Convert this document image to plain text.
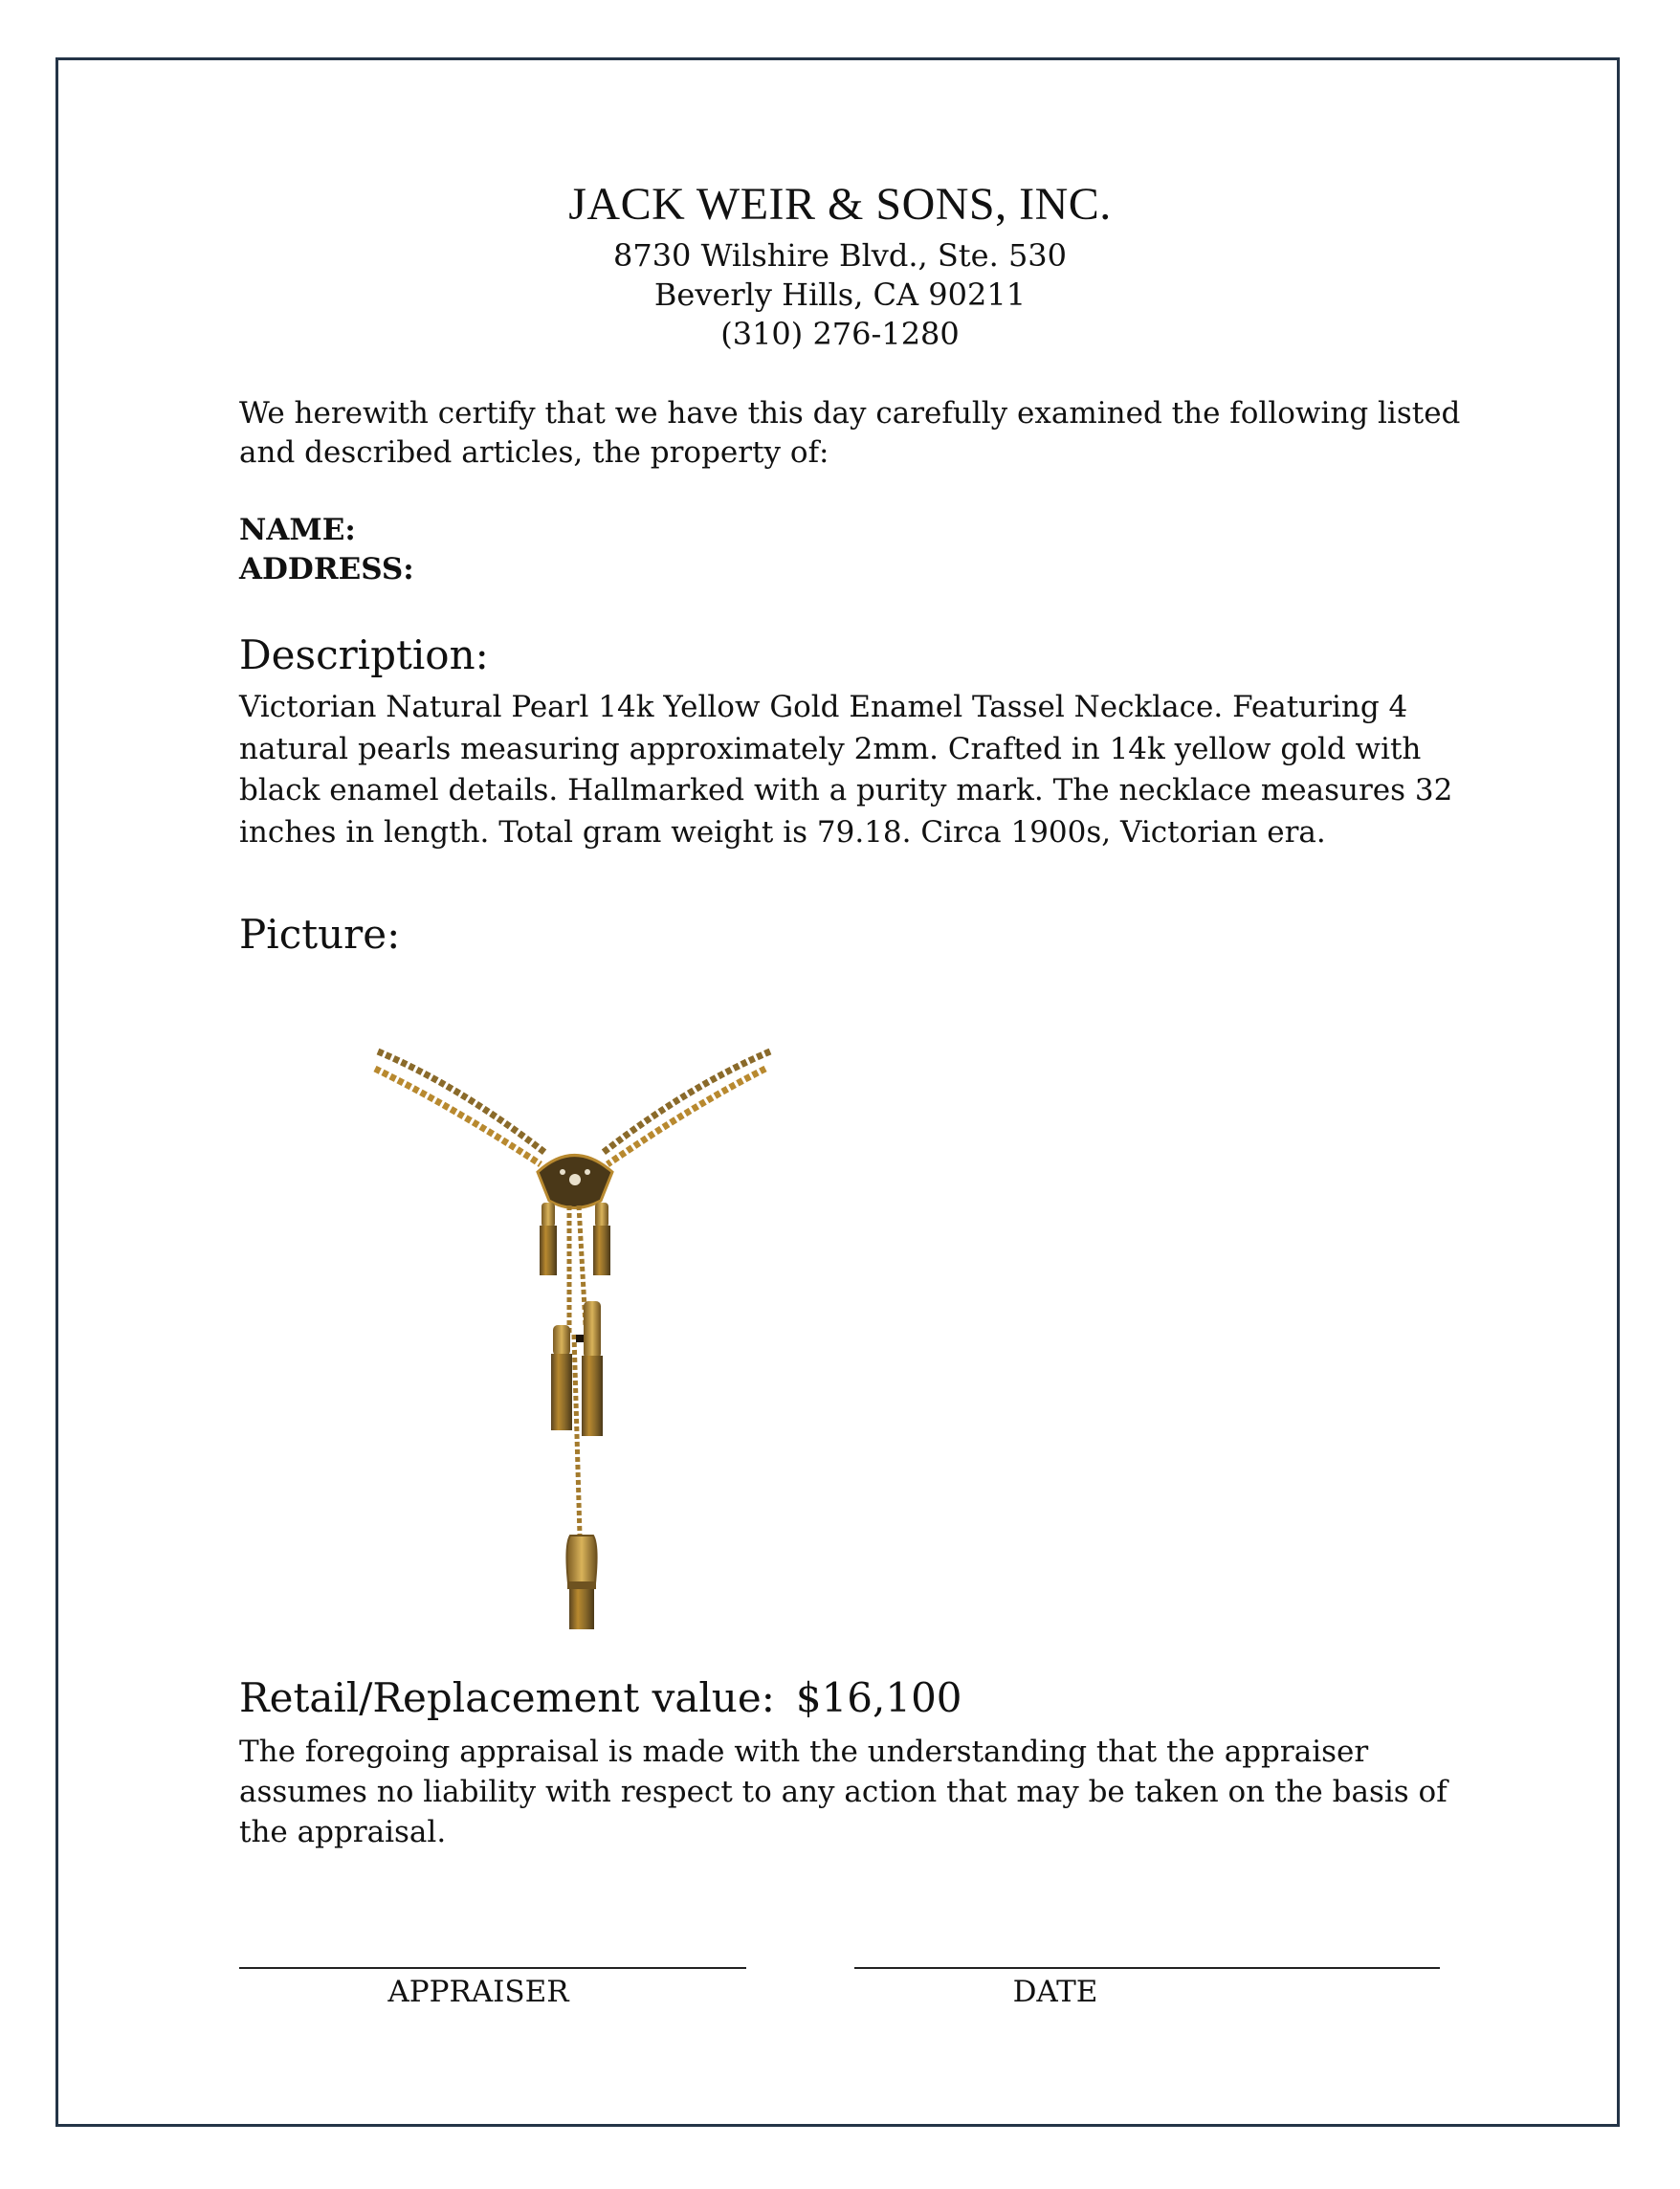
JACK WEIR & SONS, INC.
8730 Wilshire Blvd., Ste. 530
Beverly Hills, CA 90211
(310) 276-1280
We herewith certify that we have this day carefully examined the following listed and described articles, the property of:
NAME:
ADDRESS:
Description:
Victorian Natural Pearl 14k Yellow Gold Enamel Tassel Necklace. Featuring 4 natural pearls measuring approximately 2mm. Crafted in 14k yellow gold with black enamel details. Hallmarked with a purity mark. The necklace measures 32 inches in length. Total gram weight is 79.18. Circa 1900s, Victorian era.
Picture:
Retail/Replacement value: $16,100
The foregoing appraisal is made with the understanding that the appraiser assumes no liability with respect to any action that may be taken on the basis of the appraisal.
APPRAISER	DATE
